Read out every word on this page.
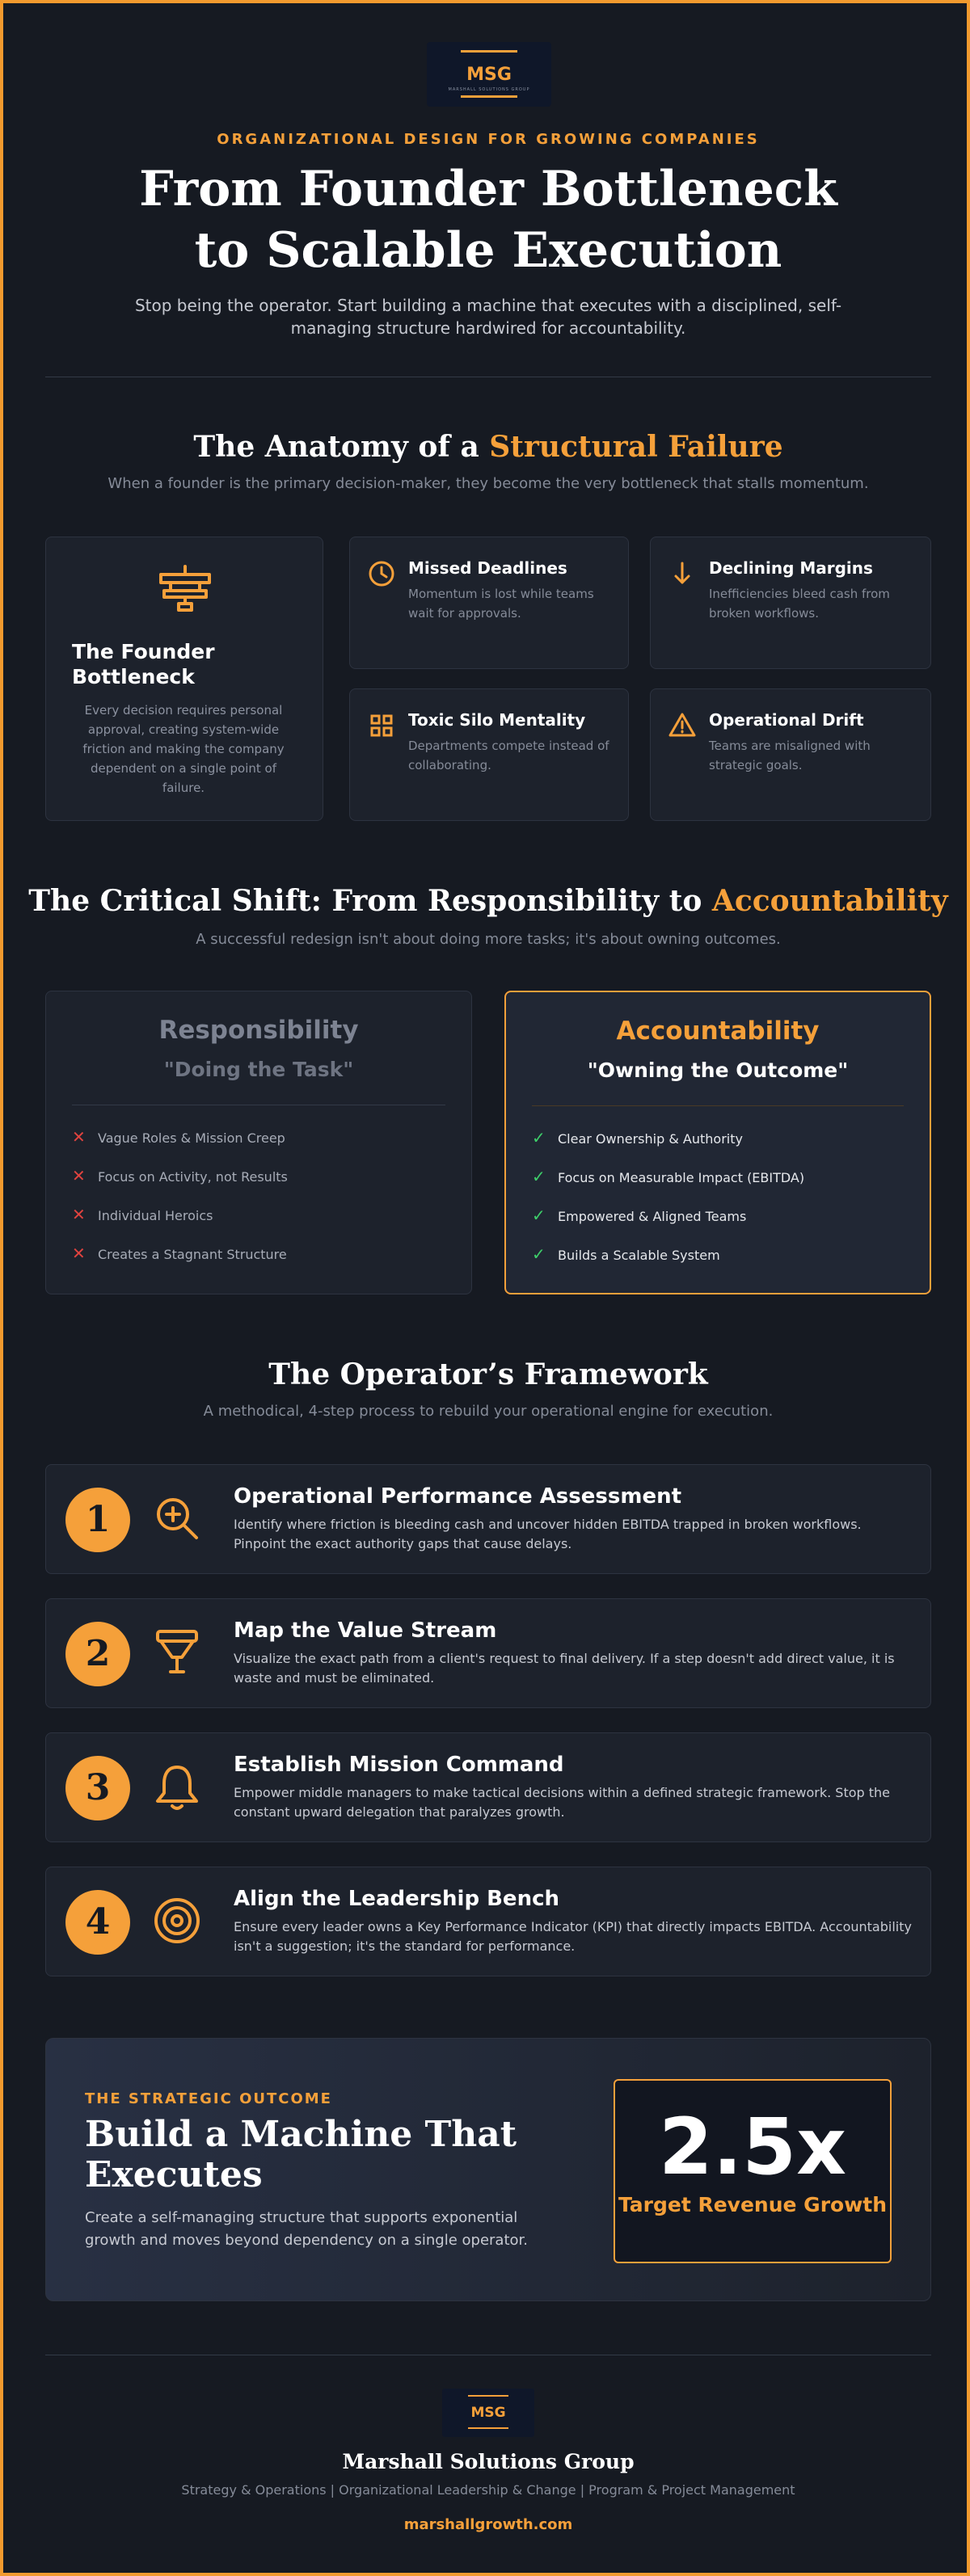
MSG
MARSHALL SOLUTIONS GROUP
ORGANIZATIONAL DESIGN FOR GROWING COMPANIES
From Founder Bottleneck
to Scalable Execution
Stop being the operator. Start building a machine that executes with a disciplined, self-managing structure hardwired for accountability.
The Anatomy of a Structural Failure
When a founder is the primary decision-maker, they become the very bottleneck that stalls momentum.
The Founder Bottleneck
Every decision requires personal approval, creating system-wide friction and making the company dependent on a single point of failure.
Missed Deadlines
Momentum is lost while teams wait for approvals.
Declining Margins
Inefficiencies bleed cash from broken workflows.
Toxic Silo Mentality
Departments compete instead of collaborating.
Operational Drift
Teams are misaligned with strategic goals.
The Critical Shift: From Responsibility to Accountability
A successful redesign isn't about doing more tasks; it's about owning outcomes.
Responsibility
"Doing the Task"
✕ Vague Roles & Mission Creep
✕ Focus on Activity, not Results
✕ Individual Heroics
✕ Creates a Stagnant Structure
Accountability
"Owning the Outcome"
✓ Clear Ownership & Authority
✓ Focus on Measurable Impact (EBITDA)
✓ Empowered & Aligned Teams
✓ Builds a Scalable System
The Operator’s Framework
A methodical, 4-step process to rebuild your operational engine for execution.
1
Operational Performance Assessment
Identify where friction is bleeding cash and uncover hidden EBITDA trapped in broken workflows. Pinpoint the exact authority gaps that cause delays.
2
Map the Value Stream
Visualize the exact path from a client's request to final delivery. If a step doesn't add direct value, it is waste and must be eliminated.
3
Establish Mission Command
Empower middle managers to make tactical decisions within a defined strategic framework. Stop the constant upward delegation that paralyzes growth.
4
Align the Leadership Bench
Ensure every leader owns a Key Performance Indicator (KPI) that directly impacts EBITDA. Accountability isn't a suggestion; it's the standard for performance.
THE STRATEGIC OUTCOME
Build a Machine That Executes
Create a self-managing structure that supports exponential growth and moves beyond dependency on a single operator.
2.5x
Target Revenue Growth
MSG
Marshall Solutions Group
Strategy & Operations | Organizational Leadership & Change | Program & Project Management
marshallgrowth.com
